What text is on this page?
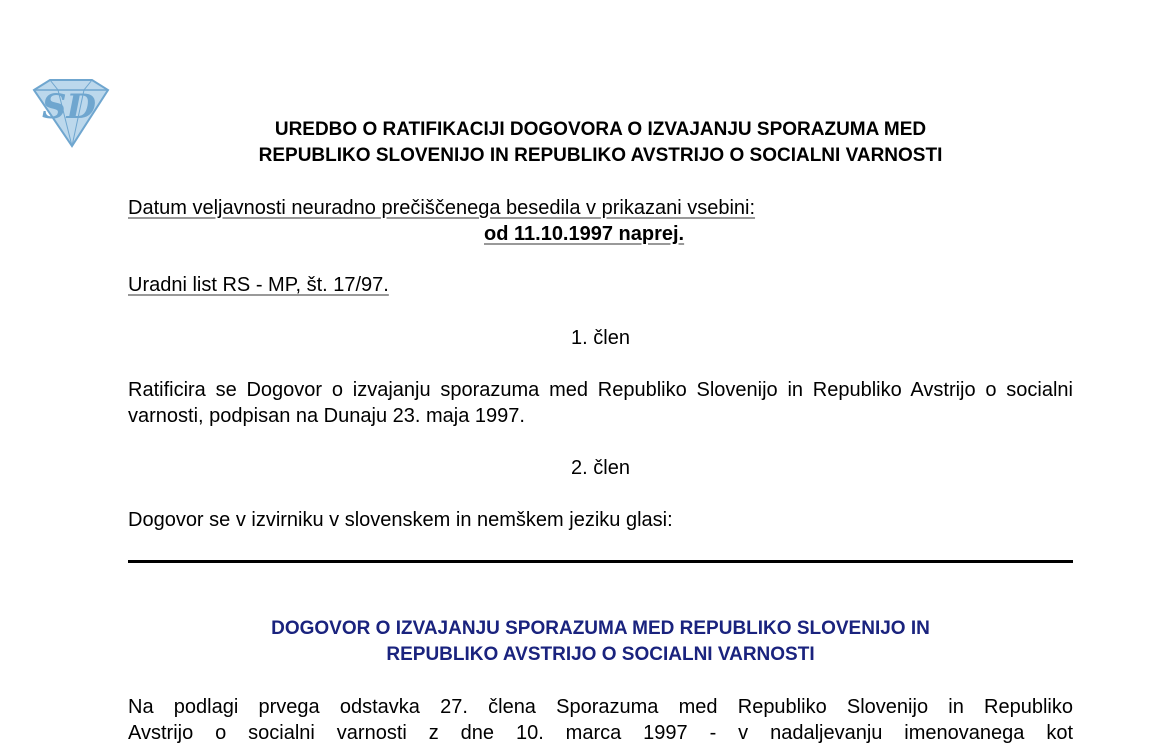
SD
UREDBO O RATIFIKACIJI DOGOVORA O IZVAJANJU SPORAZUMA MED
REPUBLIKO SLOVENIJO IN REPUBLIKO AVSTRIJO O SOCIALNI VARNOSTI
Datum veljavnosti neuradno prečiščenega besedila v prikazani vsebini:
od 11.10.1997 naprej.
Uradni list RS - MP, št. 17/97.
1. člen
Ratificira se Dogovor o izvajanju sporazuma med Republiko Slovenijo in Republiko Avstrijo o socialni varnosti, podpisan na Dunaju 23. maja 1997.
2. člen
Dogovor se v izvirniku v slovenskem in nemškem jeziku glasi:
DOGOVOR O IZVAJANJU SPORAZUMA MED REPUBLIKO SLOVENIJO IN
REPUBLIKO AVSTRIJO O SOCIALNI VARNOSTI
Na podlagi prvega odstavka 27. člena Sporazuma med Republiko Slovenijo in Republiko
Avstrijo o socialni varnosti z dne 10. marca 1997 - v nadaljevanju imenovanega kot
